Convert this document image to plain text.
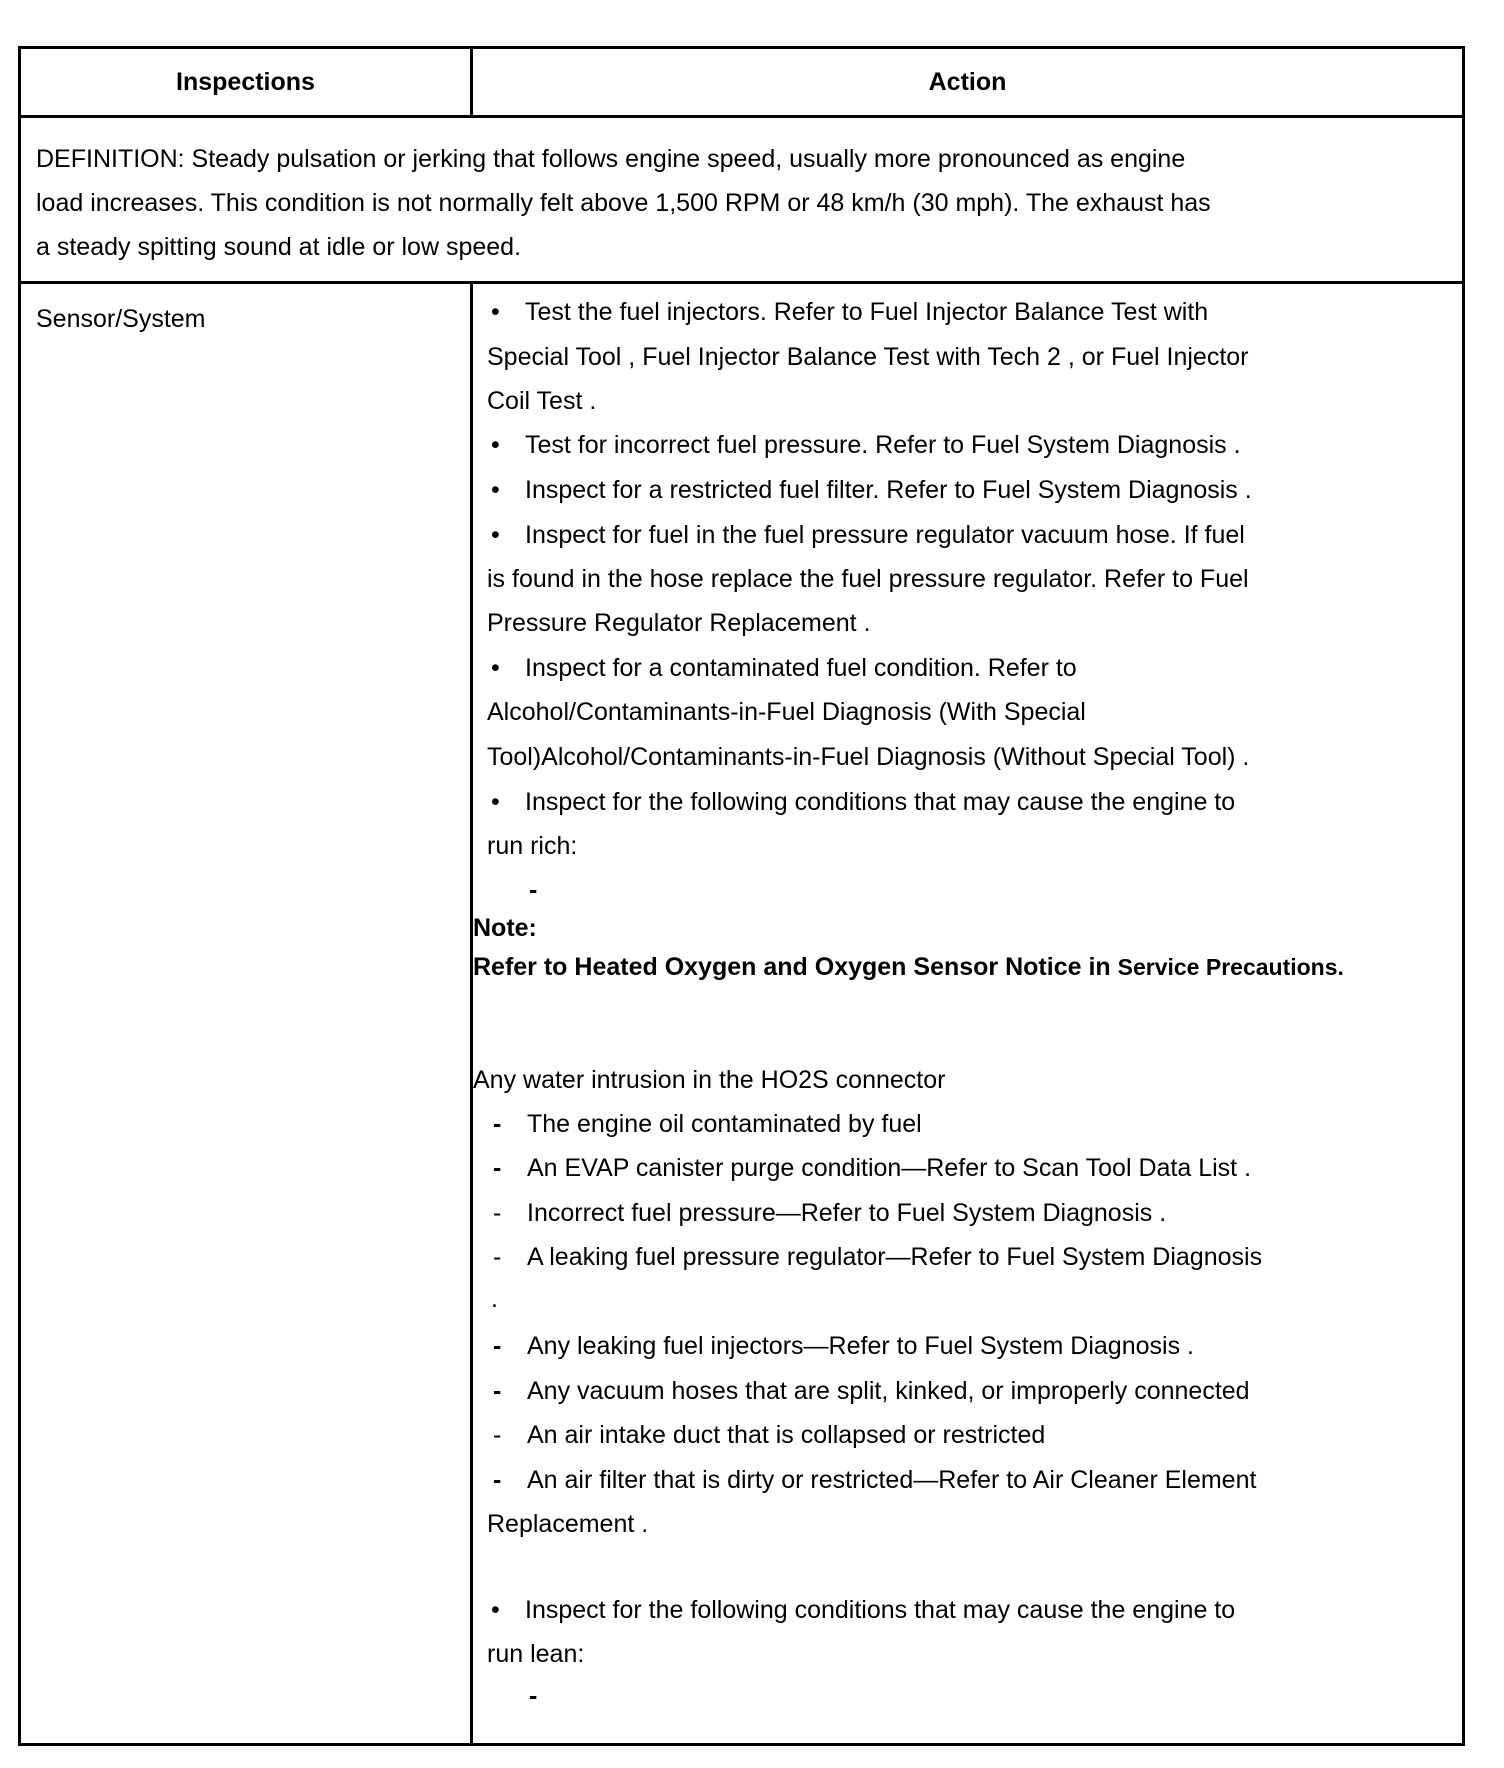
Inspections	Action
DEFINITION: Steady pulsation or jerking that follows engine speed, usually more pronounced as engine
load increases. This condition is not normally felt above 1,500 RPM or 48 km/h (30 mph). The exhaust has
a steady spitting sound at idle or low speed.
Sensor/System	• Test the fuel injectors. Refer to Fuel Injector Balance Test with
Special Tool , Fuel Injector Balance Test with Tech 2 , or Fuel Injector
Coil Test .
• Test for incorrect fuel pressure. Refer to Fuel System Diagnosis .
• Inspect for a restricted fuel filter. Refer to Fuel System Diagnosis .
• Inspect for fuel in the fuel pressure regulator vacuum hose. If fuel
is found in the hose replace the fuel pressure regulator. Refer to Fuel
Pressure Regulator Replacement .
• Inspect for a contaminated fuel condition. Refer to
Alcohol/Contaminants-in-Fuel Diagnosis (With Special
Tool)Alcohol/Contaminants-in-Fuel Diagnosis (Without Special Tool) .
• Inspect for the following conditions that may cause the engine to
run rich:
-
Note:
Refer to Heated Oxygen and Oxygen Sensor Notice in Service Precautions.
Any water intrusion in the HO2S connector
- The engine oil contaminated by fuel
- An EVAP canister purge condition—Refer to Scan Tool Data List .
- Incorrect fuel pressure—Refer to Fuel System Diagnosis .
- A leaking fuel pressure regulator—Refer to Fuel System Diagnosis
.
- Any leaking fuel injectors—Refer to Fuel System Diagnosis .
- Any vacuum hoses that are split, kinked, or improperly connected
- An air intake duct that is collapsed or restricted
- An air filter that is dirty or restricted—Refer to Air Cleaner Element
Replacement .
• Inspect for the following conditions that may cause the engine to
run lean:
-
